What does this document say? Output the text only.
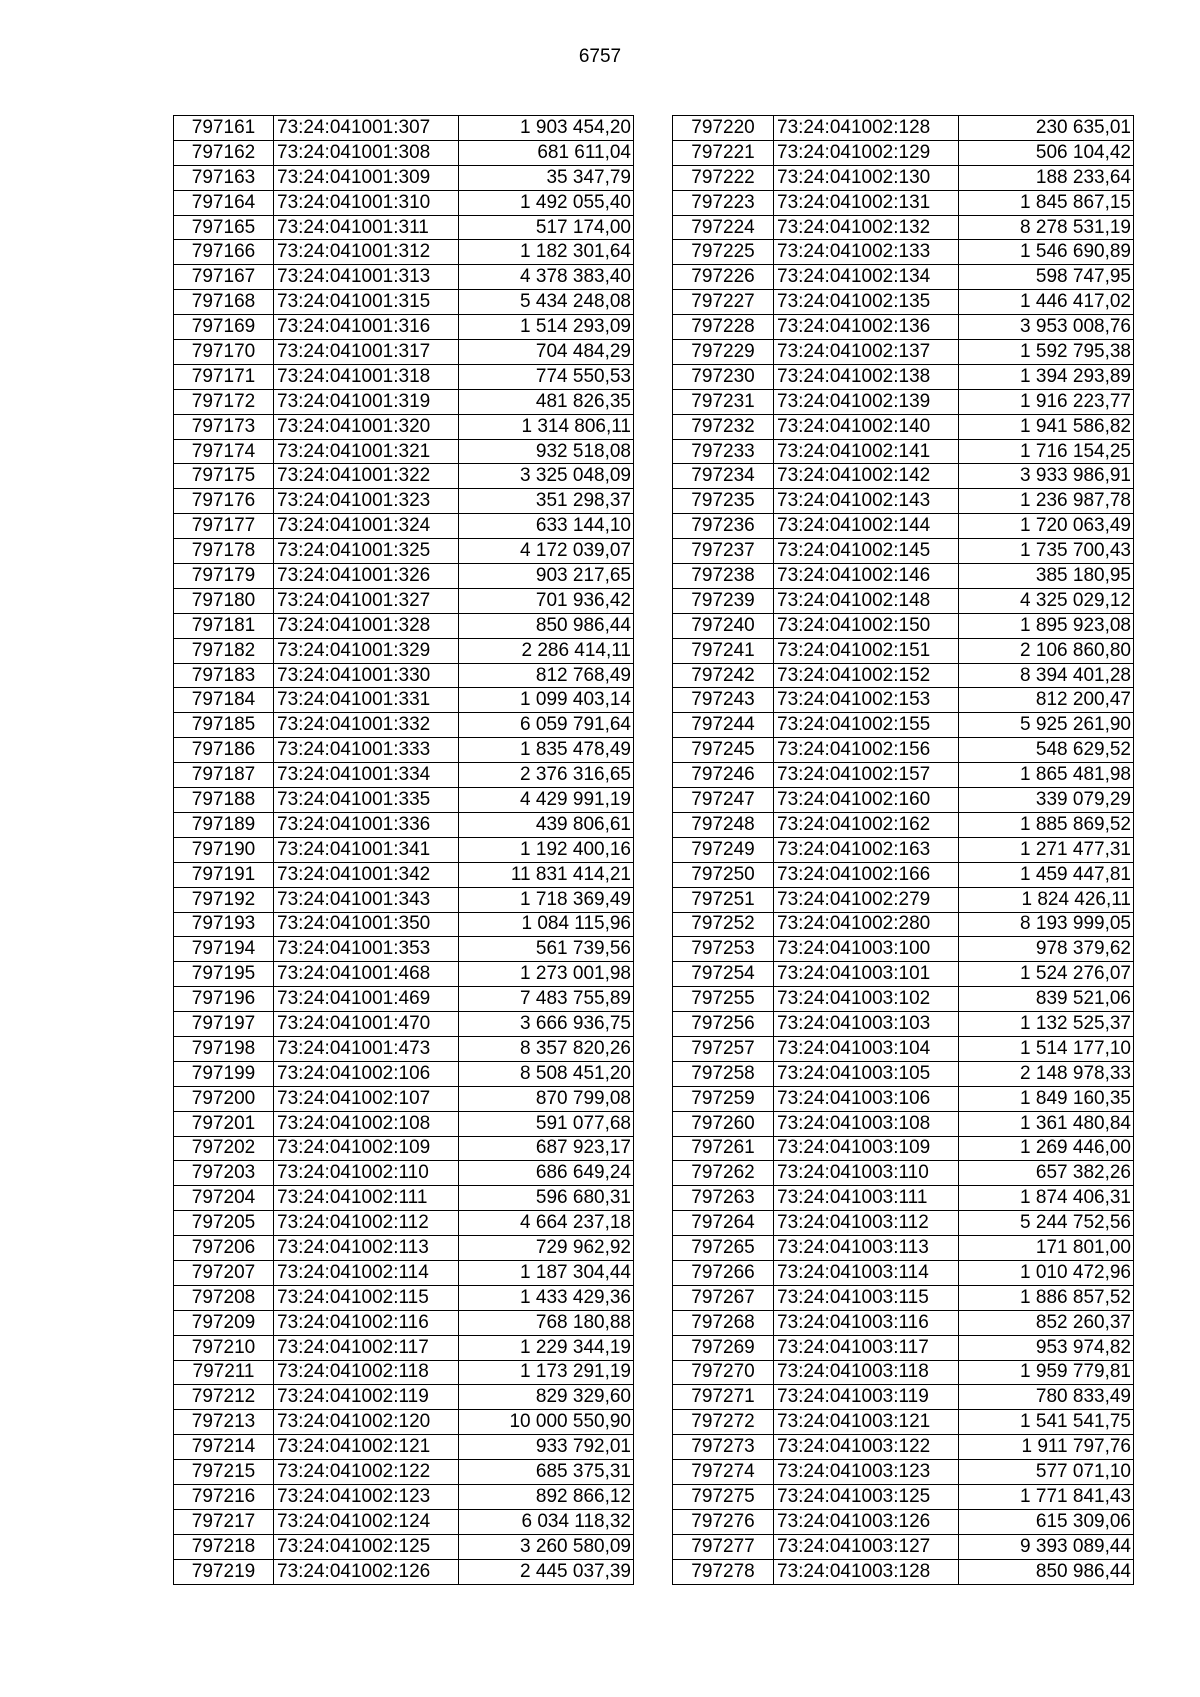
6757
797161	73:24:041001:307	1 903 454,20
797162	73:24:041001:308	681 611,04
797163	73:24:041001:309	35 347,79
797164	73:24:041001:310	1 492 055,40
797165	73:24:041001:311	517 174,00
797166	73:24:041001:312	1 182 301,64
797167	73:24:041001:313	4 378 383,40
797168	73:24:041001:315	5 434 248,08
797169	73:24:041001:316	1 514 293,09
797170	73:24:041001:317	704 484,29
797171	73:24:041001:318	774 550,53
797172	73:24:041001:319	481 826,35
797173	73:24:041001:320	1 314 806,11
797174	73:24:041001:321	932 518,08
797175	73:24:041001:322	3 325 048,09
797176	73:24:041001:323	351 298,37
797177	73:24:041001:324	633 144,10
797178	73:24:041001:325	4 172 039,07
797179	73:24:041001:326	903 217,65
797180	73:24:041001:327	701 936,42
797181	73:24:041001:328	850 986,44
797182	73:24:041001:329	2 286 414,11
797183	73:24:041001:330	812 768,49
797184	73:24:041001:331	1 099 403,14
797185	73:24:041001:332	6 059 791,64
797186	73:24:041001:333	1 835 478,49
797187	73:24:041001:334	2 376 316,65
797188	73:24:041001:335	4 429 991,19
797189	73:24:041001:336	439 806,61
797190	73:24:041001:341	1 192 400,16
797191	73:24:041001:342	11 831 414,21
797192	73:24:041001:343	1 718 369,49
797193	73:24:041001:350	1 084 115,96
797194	73:24:041001:353	561 739,56
797195	73:24:041001:468	1 273 001,98
797196	73:24:041001:469	7 483 755,89
797197	73:24:041001:470	3 666 936,75
797198	73:24:041001:473	8 357 820,26
797199	73:24:041002:106	8 508 451,20
797200	73:24:041002:107	870 799,08
797201	73:24:041002:108	591 077,68
797202	73:24:041002:109	687 923,17
797203	73:24:041002:110	686 649,24
797204	73:24:041002:111	596 680,31
797205	73:24:041002:112	4 664 237,18
797206	73:24:041002:113	729 962,92
797207	73:24:041002:114	1 187 304,44
797208	73:24:041002:115	1 433 429,36
797209	73:24:041002:116	768 180,88
797210	73:24:041002:117	1 229 344,19
797211	73:24:041002:118	1 173 291,19
797212	73:24:041002:119	829 329,60
797213	73:24:041002:120	10 000 550,90
797214	73:24:041002:121	933 792,01
797215	73:24:041002:122	685 375,31
797216	73:24:041002:123	892 866,12
797217	73:24:041002:124	6 034 118,32
797218	73:24:041002:125	3 260 580,09
797219	73:24:041002:126	2 445 037,39
797220	73:24:041002:128	230 635,01
797221	73:24:041002:129	506 104,42
797222	73:24:041002:130	188 233,64
797223	73:24:041002:131	1 845 867,15
797224	73:24:041002:132	8 278 531,19
797225	73:24:041002:133	1 546 690,89
797226	73:24:041002:134	598 747,95
797227	73:24:041002:135	1 446 417,02
797228	73:24:041002:136	3 953 008,76
797229	73:24:041002:137	1 592 795,38
797230	73:24:041002:138	1 394 293,89
797231	73:24:041002:139	1 916 223,77
797232	73:24:041002:140	1 941 586,82
797233	73:24:041002:141	1 716 154,25
797234	73:24:041002:142	3 933 986,91
797235	73:24:041002:143	1 236 987,78
797236	73:24:041002:144	1 720 063,49
797237	73:24:041002:145	1 735 700,43
797238	73:24:041002:146	385 180,95
797239	73:24:041002:148	4 325 029,12
797240	73:24:041002:150	1 895 923,08
797241	73:24:041002:151	2 106 860,80
797242	73:24:041002:152	8 394 401,28
797243	73:24:041002:153	812 200,47
797244	73:24:041002:155	5 925 261,90
797245	73:24:041002:156	548 629,52
797246	73:24:041002:157	1 865 481,98
797247	73:24:041002:160	339 079,29
797248	73:24:041002:162	1 885 869,52
797249	73:24:041002:163	1 271 477,31
797250	73:24:041002:166	1 459 447,81
797251	73:24:041002:279	1 824 426,11
797252	73:24:041002:280	8 193 999,05
797253	73:24:041003:100	978 379,62
797254	73:24:041003:101	1 524 276,07
797255	73:24:041003:102	839 521,06
797256	73:24:041003:103	1 132 525,37
797257	73:24:041003:104	1 514 177,10
797258	73:24:041003:105	2 148 978,33
797259	73:24:041003:106	1 849 160,35
797260	73:24:041003:108	1 361 480,84
797261	73:24:041003:109	1 269 446,00
797262	73:24:041003:110	657 382,26
797263	73:24:041003:111	1 874 406,31
797264	73:24:041003:112	5 244 752,56
797265	73:24:041003:113	171 801,00
797266	73:24:041003:114	1 010 472,96
797267	73:24:041003:115	1 886 857,52
797268	73:24:041003:116	852 260,37
797269	73:24:041003:117	953 974,82
797270	73:24:041003:118	1 959 779,81
797271	73:24:041003:119	780 833,49
797272	73:24:041003:121	1 541 541,75
797273	73:24:041003:122	1 911 797,76
797274	73:24:041003:123	577 071,10
797275	73:24:041003:125	1 771 841,43
797276	73:24:041003:126	615 309,06
797277	73:24:041003:127	9 393 089,44
797278	73:24:041003:128	850 986,44
